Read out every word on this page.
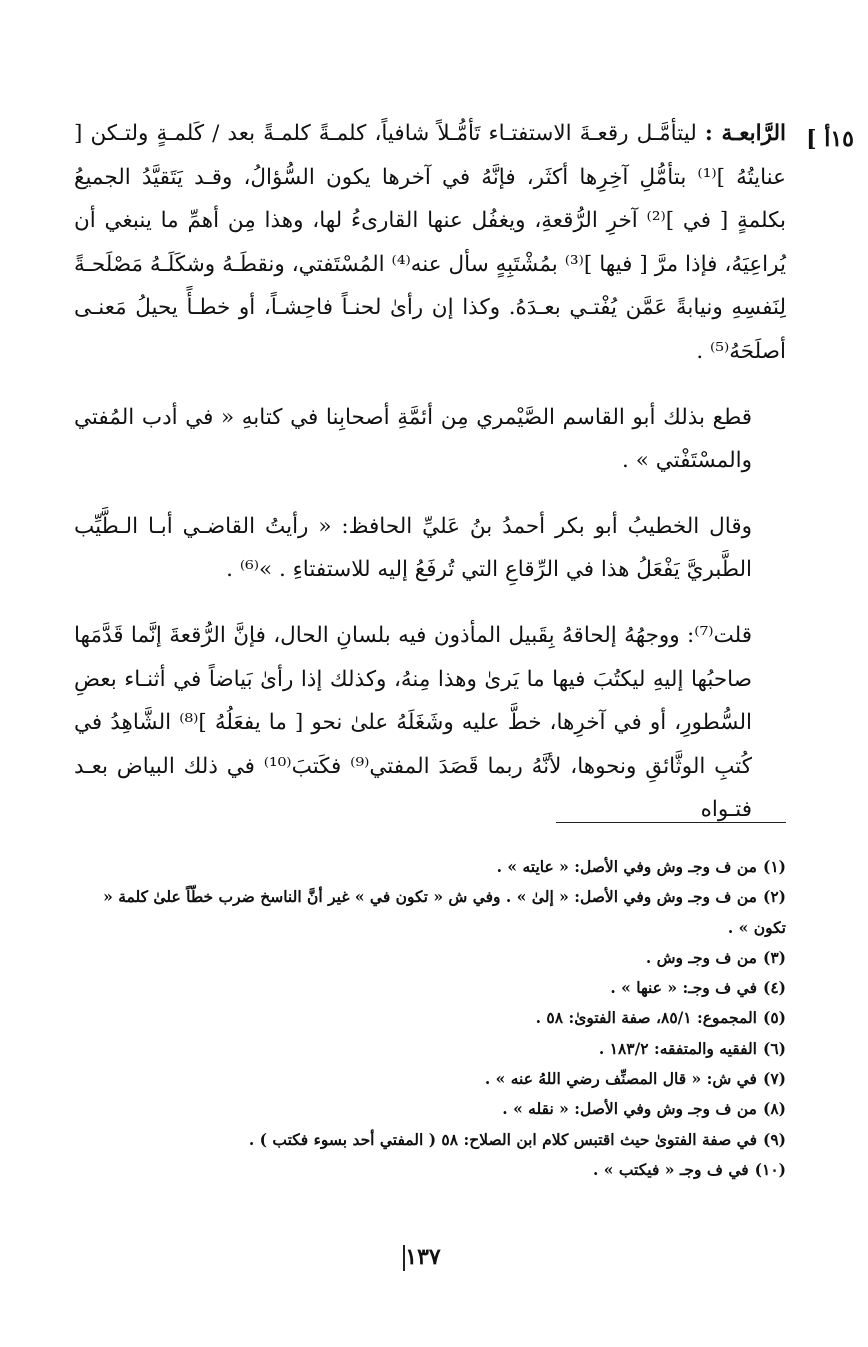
١٥أ ]

الرَّابعـة : ليتأمَّـل رقعـةَ الاستفتـاء تَأمُّـلاً شافياً، كلمـةً كلمـةً بعد / كَلمـةٍ ولتـكن [ عنايتُهُ ]⁽¹⁾ بتأمُّلِ آخِرِها أكثَر، فإنَّهُ في آخرها يكون السُّؤالُ، وقـد يَتَقيَّدُ الجميعُ بكلمةٍ [ في ]⁽²⁾ آخرِ الرُّقعةِ، ويغفُل عنها القارىءُ لها، وهذا مِن أهمِّ ما ينبغي أن يُراعِيَهُ، فإذا مرَّ [ فيها ]⁽³⁾ بمُشْتَبِهٍ سأل عنه⁽⁴⁾ المُسْتَفتي، ونقطَـهُ وشكَلَـهُ مَصْلَحـةً لِنَفسِهِ ونيابةً عَمَّن يُفْتـي بعـدَهُ. وكذا إن رأىٰ لحنـاً فاحِشـاً، أو خطـأً يحيلُ مَعنـى أصلَحَهُ⁽⁵⁾ .

قطع بذلك أبو القاسم الصَّيْمري مِن أئمَّةِ أصحابِنا في كتابهِ « في أدب المُفتي والمسْتَفْتي » .

وقال الخطيبُ أبو بكر أحمدُ بنُ عَليِّ الحافظ: « رأيتُ القاضـي أبـا الـطَّيِّب الطَّبريَّ يَفْعَلُ هذا في الرِّقاعِ التي تُرفَعُ إليه للاستفتاءِ . »⁽⁶⁾ .

قلت⁽⁷⁾: ووجهُهُ إلحاقهُ بِقَبيل المأذون فيه بلسانِ الحال، فإنَّ الرُّقعةَ إنَّما قَدَّمَها صاحبُها إليهِ ليكتُبَ فيها ما يَرىٰ وهذا مِنهُ، وكذلك إذا رأىٰ بَياضاً في أثنـاء بعضِ السُّطورِ، أو في آخرِها، خطَّ عليه وشَغَلَهُ علىٰ نحو [ ما يفعَلُهُ ]⁽⁸⁾ الشَّاهِدُ في كُتبِ الوثَّائقِ ونحوها، لأنَّهُ ربما قَصَدَ المفتي⁽⁹⁾ فكَتبَ⁽¹⁰⁾ في ذلك البياض بعـد فتـواه

(١)من ف وجـ وش وفي الأصل: « عايته » .

(٢)من ف وجـ وش وفي الأصل: « إلىٰ » . وفي ش « تكون في » غير أنَّ الناسخ ضرب خطّاً علىٰ كلمة « تكون » .

(٣)من ف وجـ وش .

(٤)في ف وجـ: « عنها » .

(٥)المجموع: ٨٥/١، صفة الفتوىٰ: ٥٨ .

(٦)الفقيه والمتفقه: ١٨٣/٢ .

(٧)في ش: « قال المصنِّف رضي اللهُ عنه » .

(٨)من ف وجـ وش وفي الأصل: « نقله » .

(٩)في صفة الفتوىٰ حيث اقتبس كلام ابن الصلاح: ٥٨ ( المفتي أحد بسوء فكتب ) .

(١٠)في ف وجـ « فيكتب » .

١٣٧
